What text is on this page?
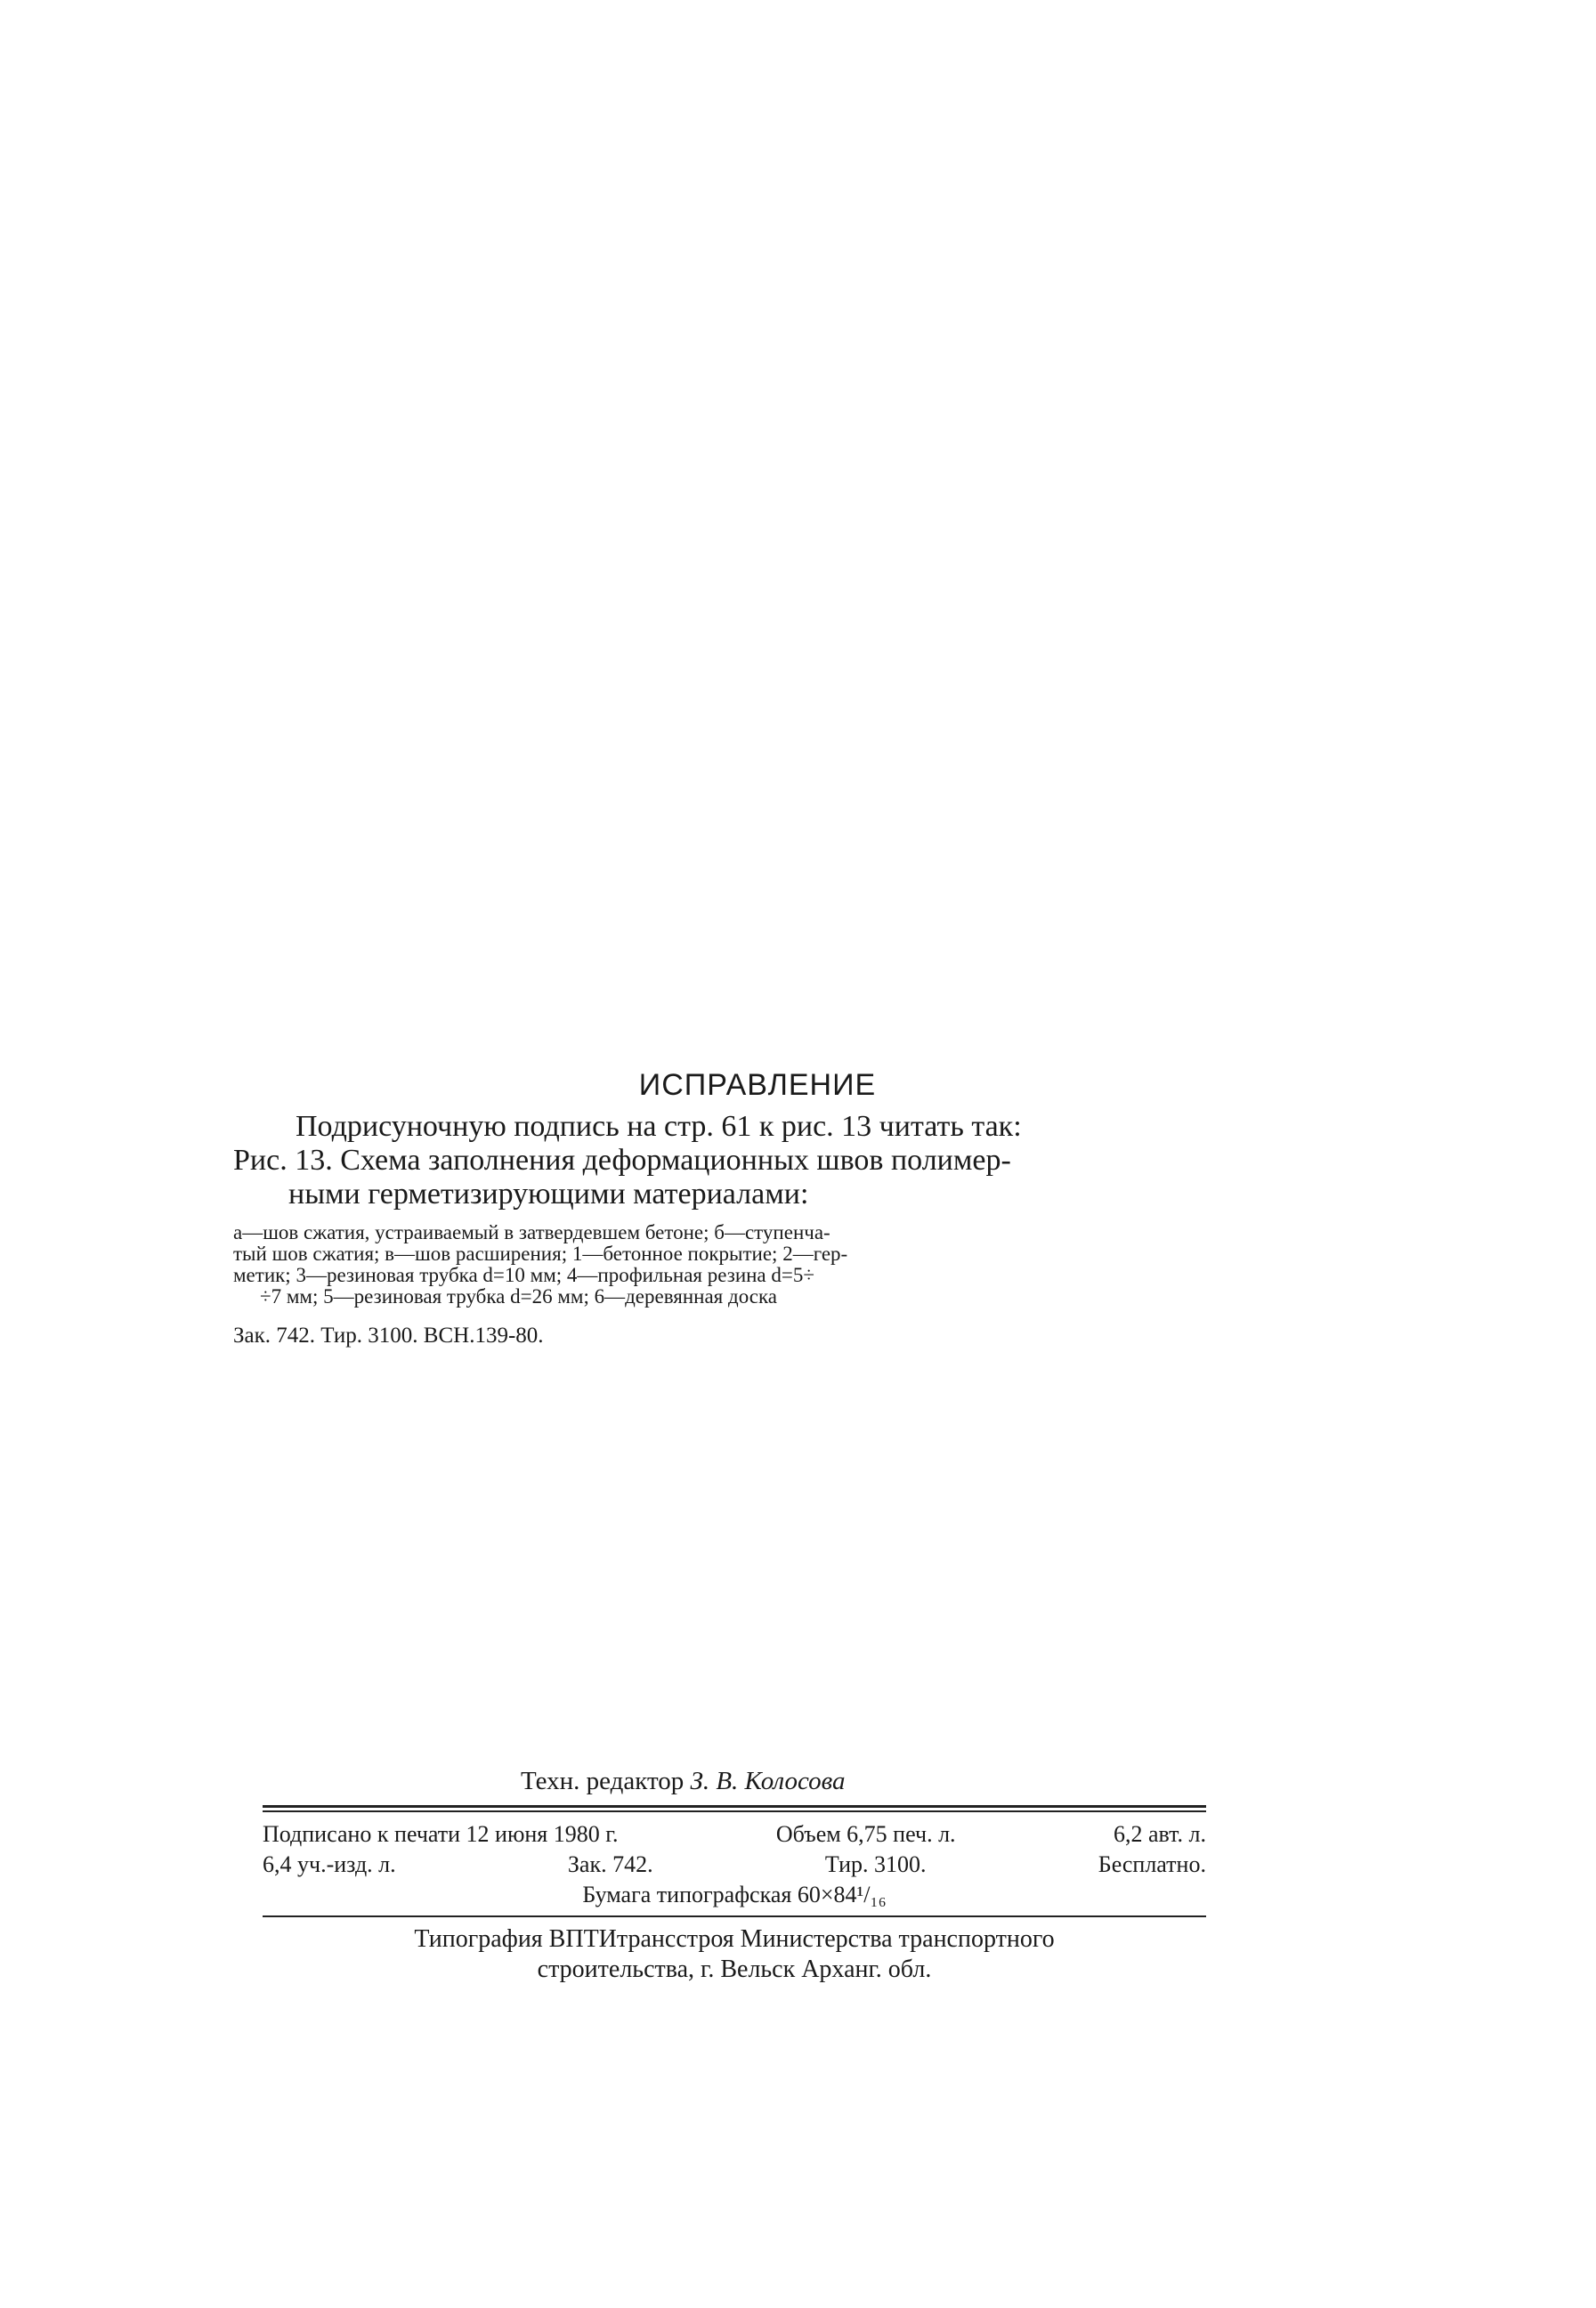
ИСПРАВЛЕНИЕ

Подрисуночную подпись на стр. 61 к рис. 13 читать так:

Рис. 13. Схема заполнения деформационных швов полимер-

ными герметизирующими материалами:

а—шов сжатия, устраиваемый в затвердевшем бетоне; б—ступенча-

тый шов сжатия; в—шов расширения; 1—бетонное покрытие; 2—гер-

метик; 3—резиновая трубка d=10 мм; 4—профильная резина d=5÷

÷7 мм; 5—резиновая трубка d=26 мм; 6—деревянная доска

Зак. 742. Тир. 3100. ВСН.139-80.

Техн. редактор З. В. Колосова
Подписано к печати 12 июня 1980 г.	Объем 6,75 печ. л.	6,2 авт. л.
6,4 уч.-изд. л.	Зак. 742.	Тир. 3100.	Бесплатно.
Бумага типографская 60×84¹/₁₆

Типография ВПТИтрансстроя Министерства транспортного

строительства, г. Вельск Арханг. обл.
